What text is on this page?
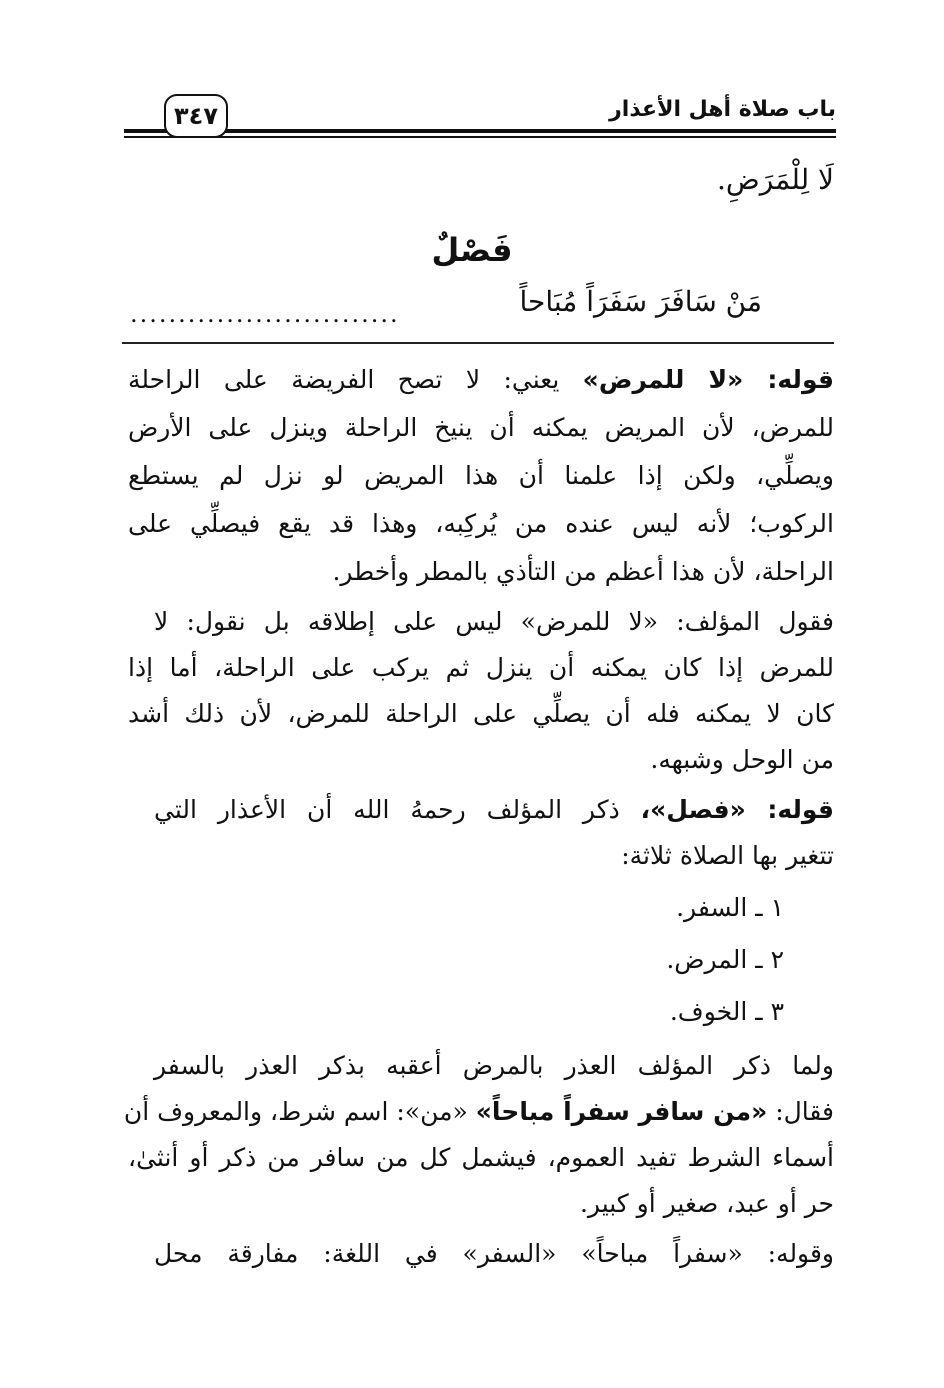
باب صلاة أهل الأعذار
٣٤٧
لَا لِلْمَرَضِ.
فَصْلٌ
مَنْ سَافَرَ سَفَرَاً مُبَاحاً
............................
قوله: «لا للمرض» يعني: لا تصح الفريضة على الراحلة
للمرض، لأن المريض يمكنه أن ينيخ الراحلة وينزل على الأرض
ويصلِّي، ولكن إذا علمنا أن هذا المريض لو نزل لم يستطع
الركوب؛ لأنه ليس عنده من يُركِبه، وهذا قد يقع فيصلِّي على
الراحلة، لأن هذا أعظم من التأذي بالمطر وأخطر.
فقول المؤلف: «لا للمرض» ليس على إطلاقه بل نقول: لا
للمرض إذا كان يمكنه أن ينزل ثم يركب على الراحلة، أما إذا
كان لا يمكنه فله أن يصلِّي على الراحلة للمرض، لأن ذلك أشد
من الوحل وشبهه.
قوله: «فصل»، ذكر المؤلف رحمهُ الله أن الأعذار التي
تتغير بها الصلاة ثلاثة:
١ ـ السفر.
٢ ـ المرض.
٣ ـ الخوف.
ولما ذكر المؤلف العذر بالمرض أعقبه بذكر العذر بالسفر
فقال: «من سافر سفراً مباحاً» «من»: اسم شرط، والمعروف أن
أسماء الشرط تفيد العموم، فيشمل كل من سافر من ذكر أو أنثىٰ،
حر أو عبد، صغير أو كبير.
وقوله: «سفراً مباحاً» «السفر» في اللغة: مفارقة محل
